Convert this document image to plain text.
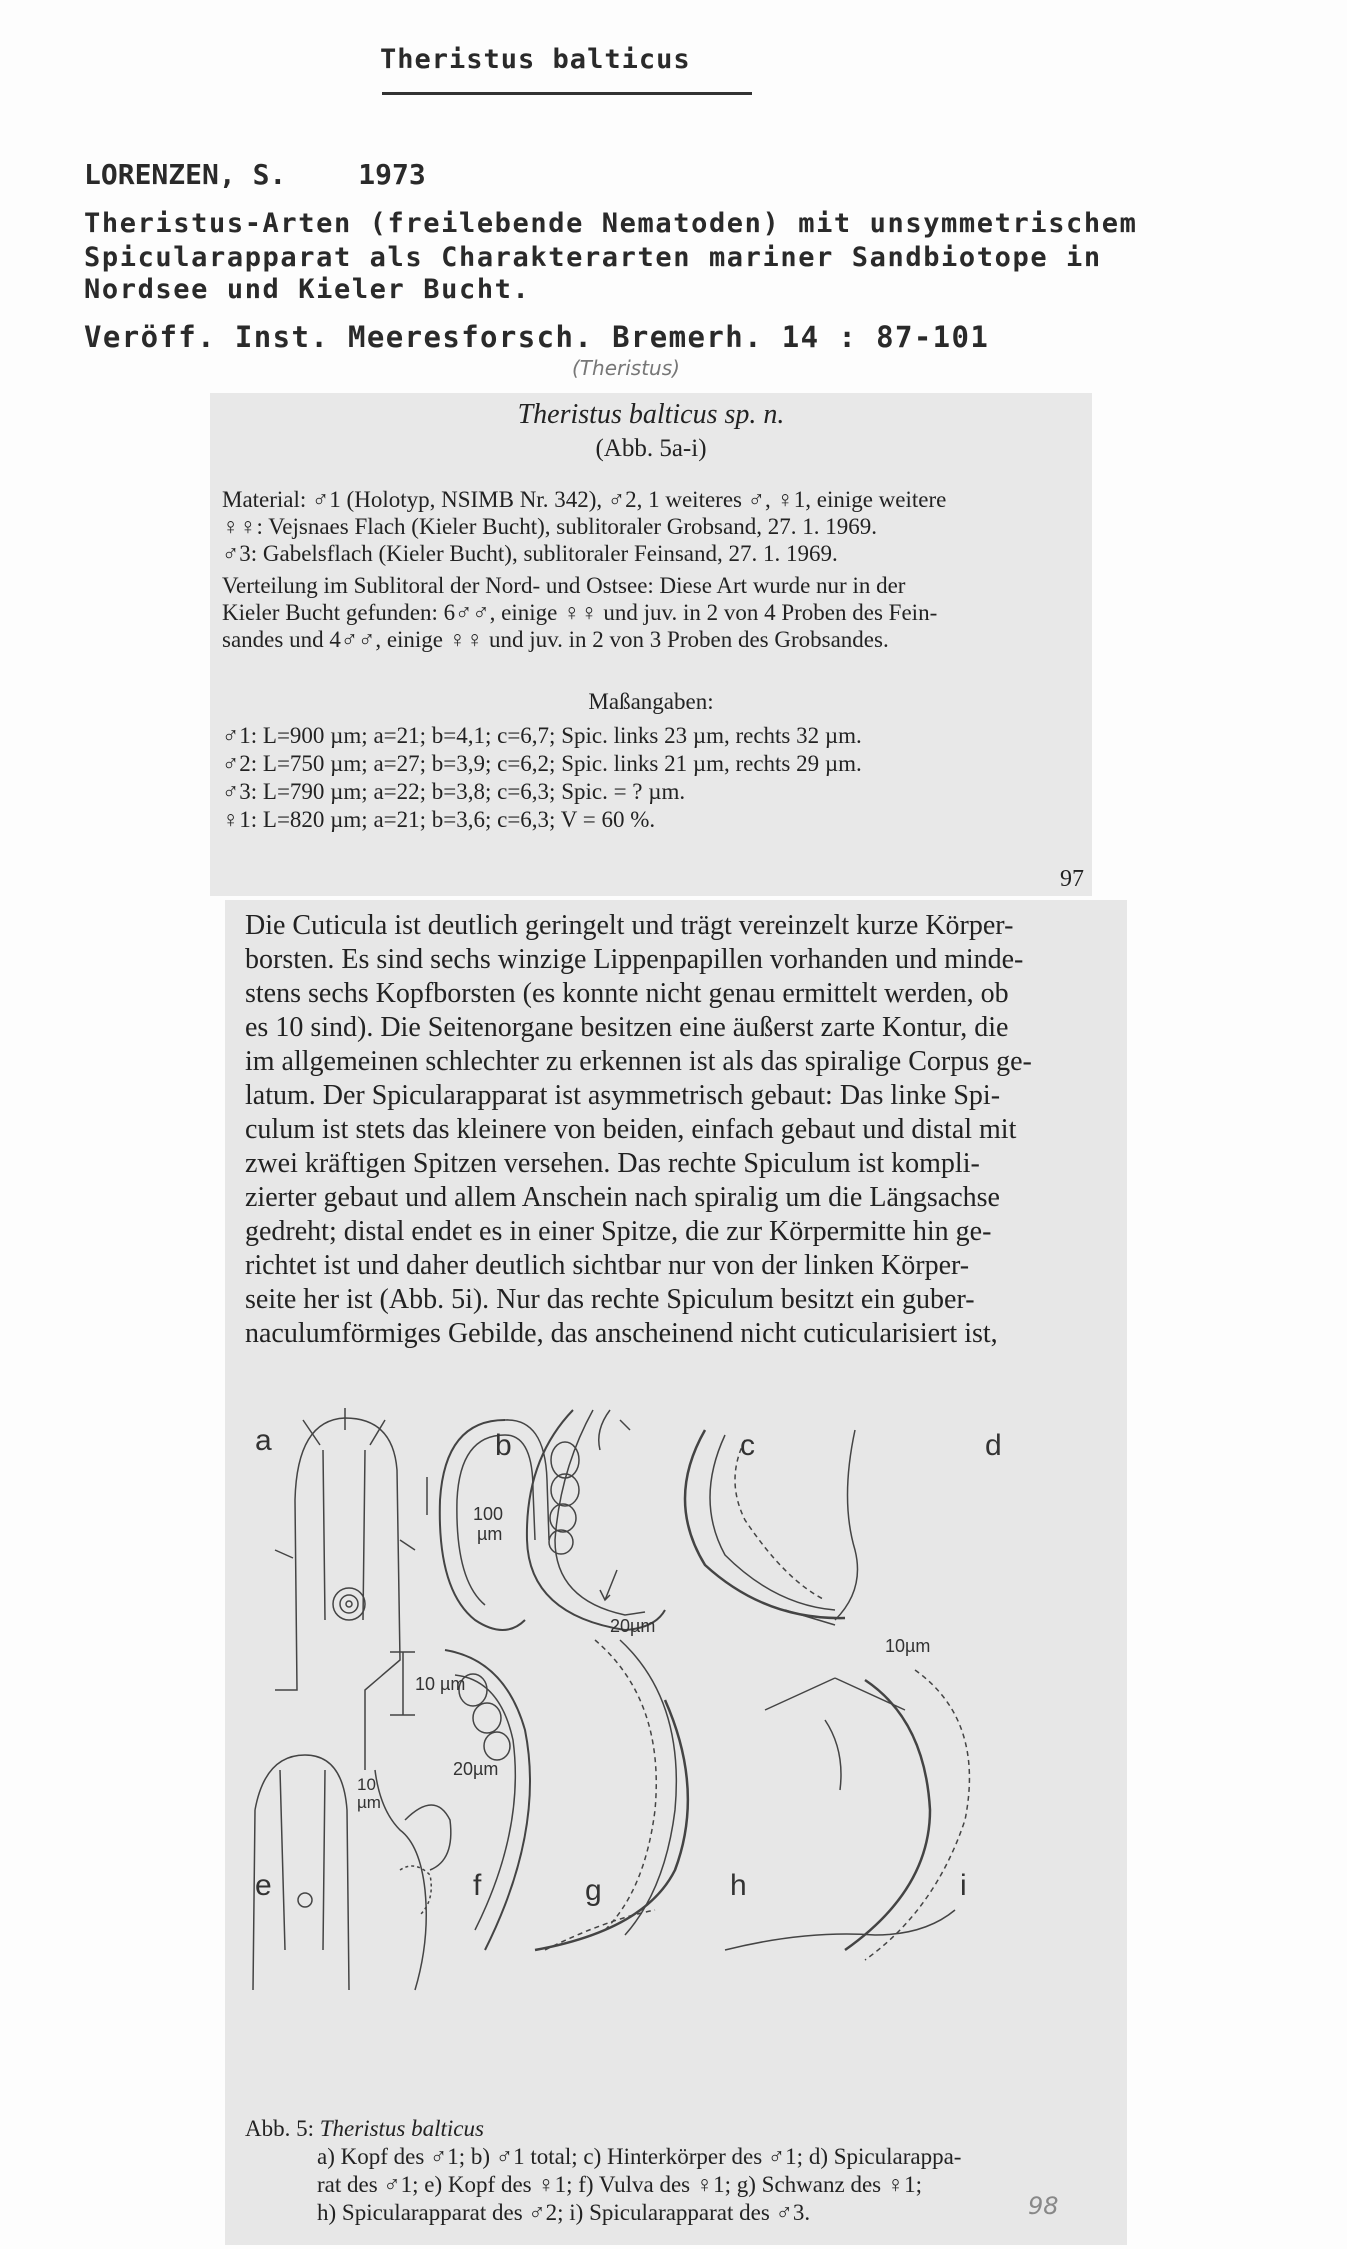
Theristus balticus
LORENZEN, S.	1973
Theristus-Arten (freilebende Nematoden) mit unsymmetrischem
Spicularapparat als Charakterarten mariner Sandbiotope in
Nordsee und Kieler Bucht.
Veröff. Inst. Meeresforsch. Bremerh. 14 : 87-101
(Theristus)
Theristus balticus sp. n.
(Abb. 5a-i)
Material: ♂1 (Holotyp, NSIMB Nr. 342), ♂2, 1 weiteres ♂, ♀1, einige weitere
♀♀: Vejsnaes Flach (Kieler Bucht), sublitoraler Grobsand, 27. 1. 1969.
♂3: Gabelsflach (Kieler Bucht), sublitoraler Feinsand, 27. 1. 1969.
Verteilung im Sublitoral der Nord- und Ostsee: Diese Art wurde nur in der
Kieler Bucht gefunden: 6♂♂, einige ♀♀ und juv. in 2 von 4 Proben des Fein-
sandes und 4♂♂, einige ♀♀ und juv. in 2 von 3 Proben des Grobsandes.
Maßangaben:
♂1: L=900 µm; a=21; b=4,1; c=6,7; Spic. links 23 µm, rechts 32 µm.
♂2: L=750 µm; a=27; b=3,9; c=6,2; Spic. links 21 µm, rechts 29 µm.
♂3: L=790 µm; a=22; b=3,8; c=6,3; Spic. = ? µm.
♀1: L=820 µm; a=21; b=3,6; c=6,3; V = 60 %.
97
Die Cuticula ist deutlich geringelt und trägt vereinzelt kurze Körper-
borsten. Es sind sechs winzige Lippenpapillen vorhanden und minde-
stens sechs Kopfborsten (es konnte nicht genau ermittelt werden, ob
es 10 sind). Die Seitenorgane besitzen eine äußerst zarte Kontur, die
im allgemeinen schlechter zu erkennen ist als das spiralige Corpus ge-
latum. Der Spicularapparat ist asymmetrisch gebaut: Das linke Spi-
culum ist stets das kleinere von beiden, einfach gebaut und distal mit
zwei kräftigen Spitzen versehen. Das rechte Spiculum ist kompli-
zierter gebaut und allem Anschein nach spiralig um die Längsachse
gedreht; distal endet es in einer Spitze, die zur Körpermitte hin ge-
richtet ist und daher deutlich sichtbar nur von der linken Körper-
seite her ist (Abb. 5i). Nur das rechte Spiculum besitzt ein guber-
naculumförmiges Gebilde, das anscheinend nicht cuticularisiert ist,
a	b	c	d
e	f	g	h	i
100
µm
10 µm
20µm
10µm
10
µm
20µm
Abb. 5: Theristus balticus
a) Kopf des ♂1; b) ♂1 total; c) Hinterkörper des ♂1; d) Spicularappa-
rat des ♂1; e) Kopf des ♀1; f) Vulva des ♀1; g) Schwanz des ♀1;
h) Spicularapparat des ♂2; i) Spicularapparat des ♂3.	98
